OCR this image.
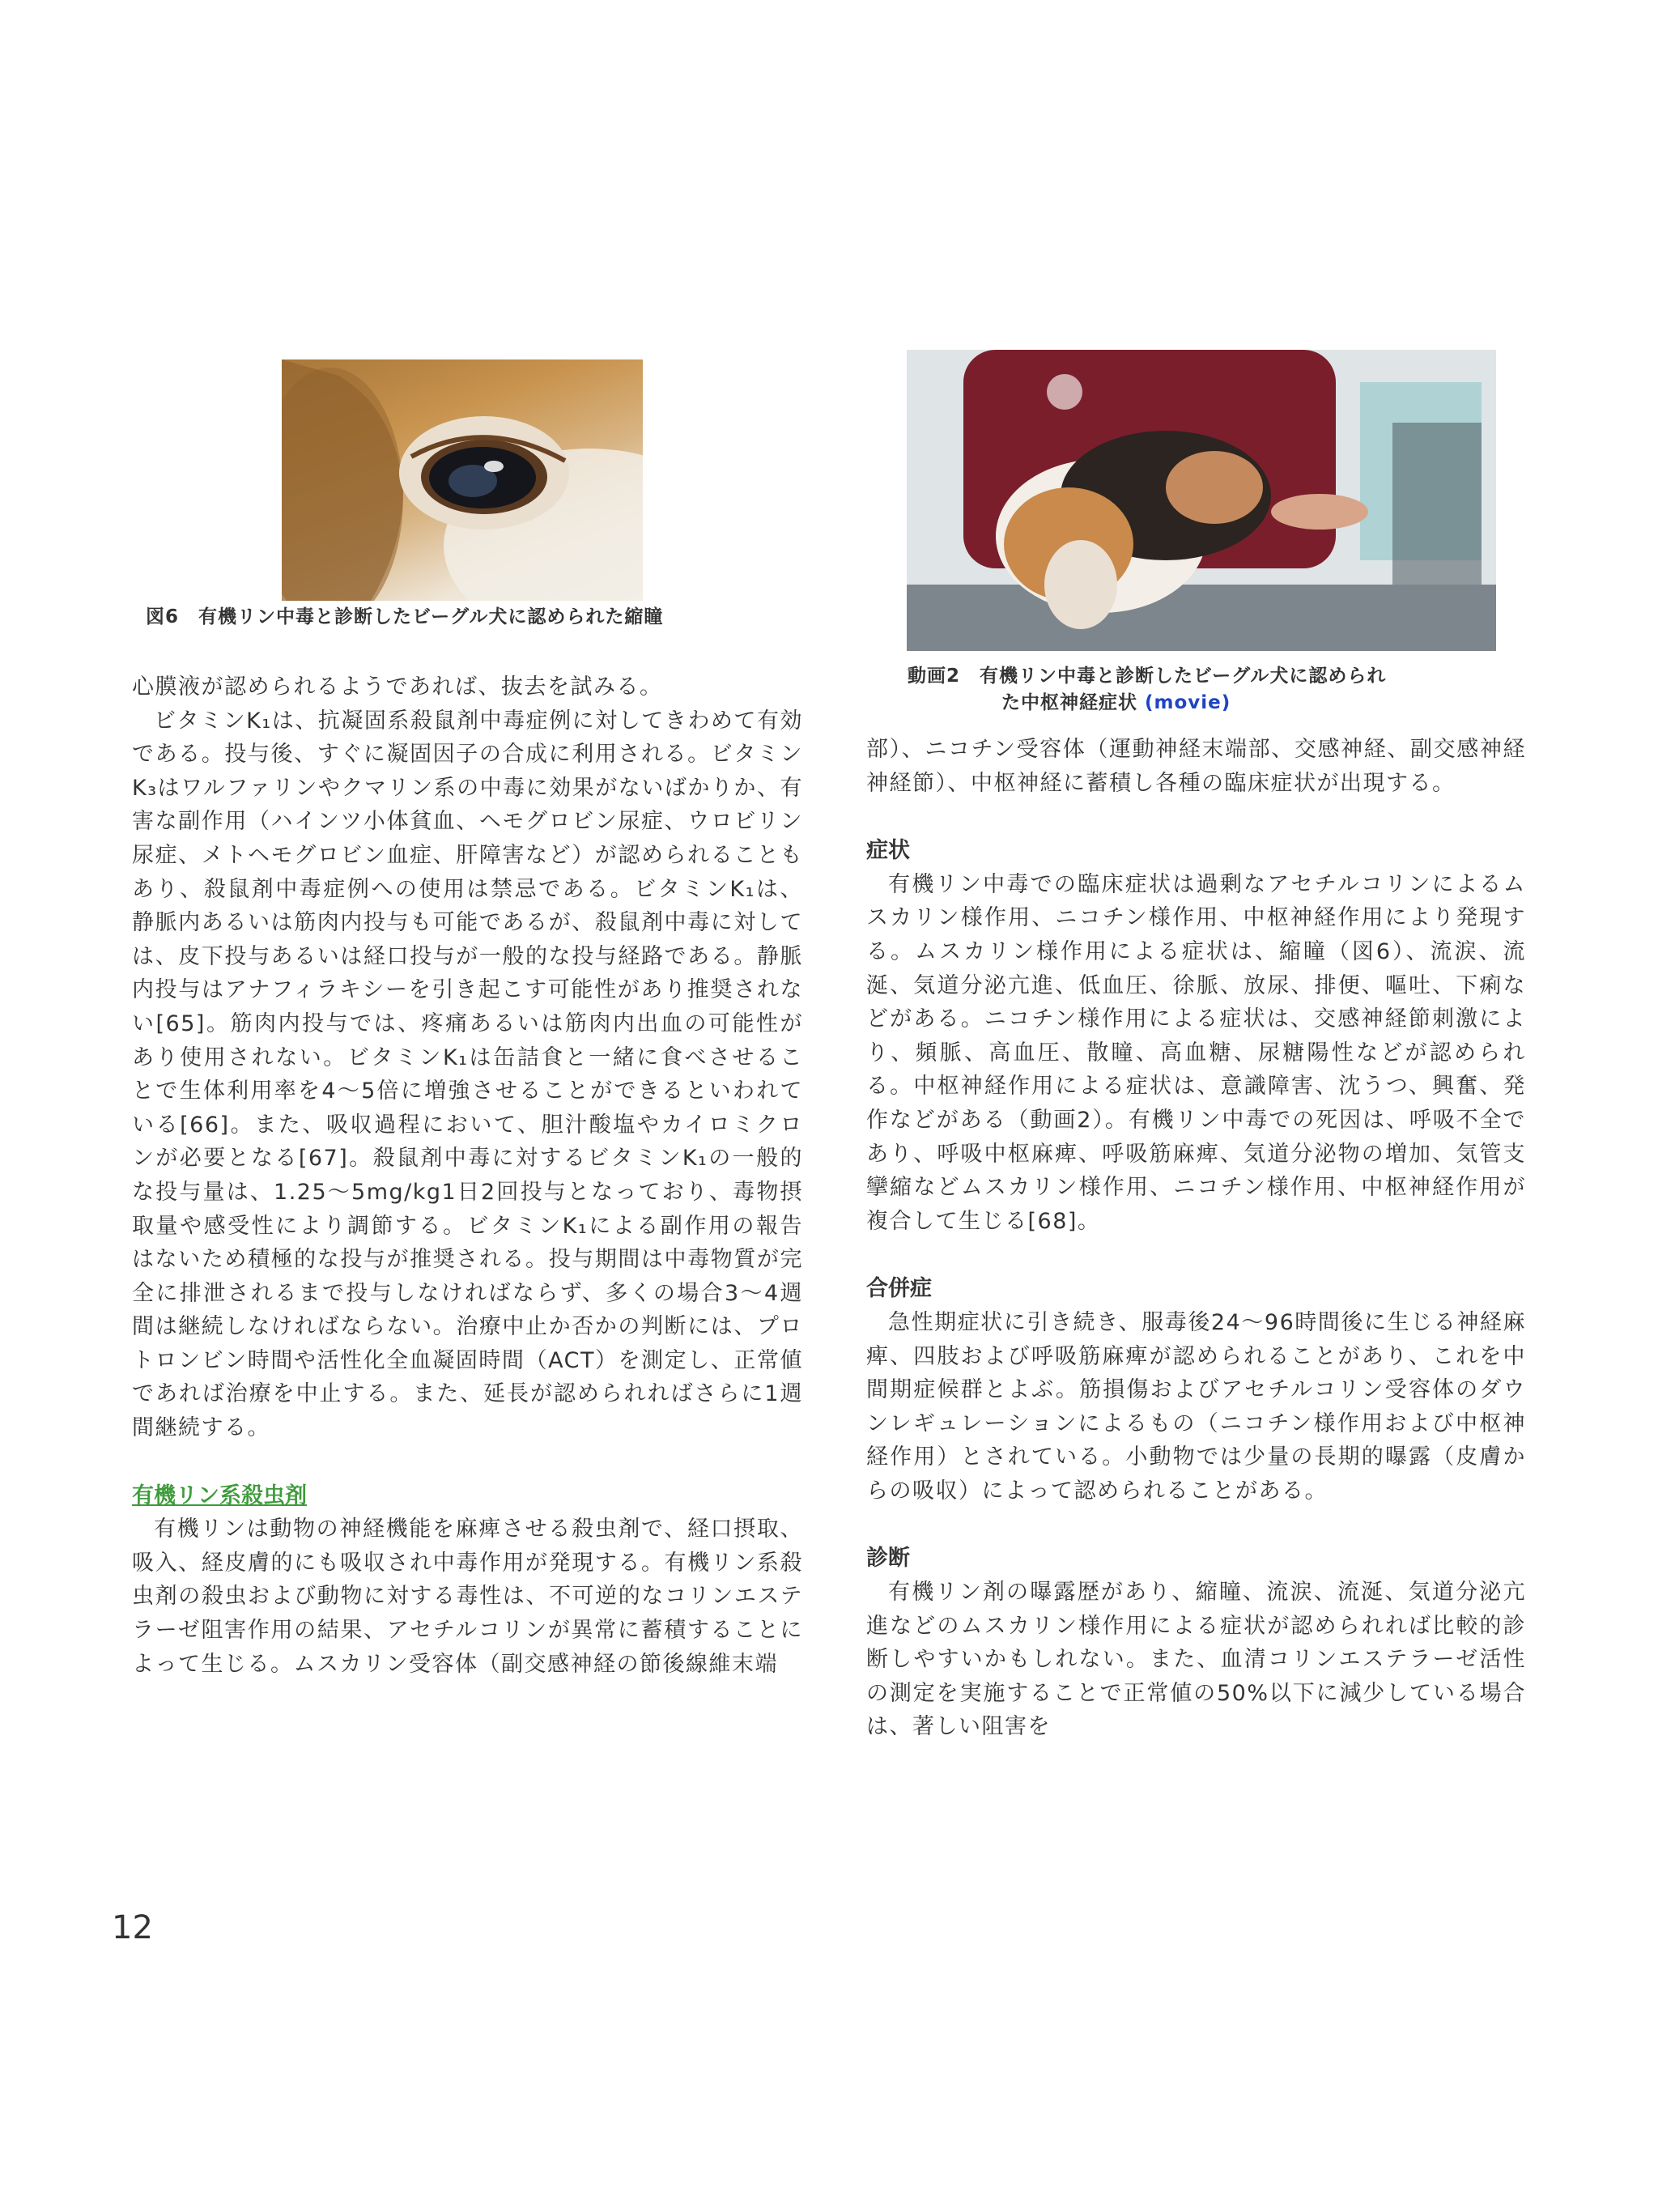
図6　有機リン中毒と診断したビーグル犬に認められた縮瞳
動画2　有機リン中毒と診断したビーグル犬に認められ
た中枢神経症状 (movie)

心膜液が認められるようであれば、抜去を試みる。

ビタミンK₁は、抗凝固系殺鼠剤中毒症例に対してきわめて有効である。投与後、すぐに凝固因子の合成に利用される。ビタミンK₃はワルファリンやクマリン系の中毒に効果がないばかりか、有害な副作用（ハインツ小体貧血、ヘモグロビン尿症、ウロビリン尿症、メトヘモグロビン血症、肝障害など）が認められることもあり、殺鼠剤中毒症例への使用は禁忌である。ビタミンK₁は、静脈内あるいは筋肉内投与も可能であるが、殺鼠剤中毒に対しては、皮下投与あるいは経口投与が一般的な投与経路である。静脈内投与はアナフィラキシーを引き起こす可能性があり推奨されない[65]。筋肉内投与では、疼痛あるいは筋肉内出血の可能性があり使用されない。ビタミンK₁は缶詰食と一緒に食べさせることで生体利用率を4～5倍に増強させることができるといわれている[66]。また、吸収過程において、胆汁酸塩やカイロミクロンが必要となる[67]。殺鼠剤中毒に対するビタミンK₁の一般的な投与量は、1.25～5mg/kg1日2回投与となっており、毒物摂取量や感受性により調節する。ビタミンK₁による副作用の報告はないため積極的な投与が推奨される。投与期間は中毒物質が完全に排泄されるまで投与しなければならず、多くの場合3～4週間は継続しなければならない。治療中止か否かの判断には、プロトロンビン時間や活性化全血凝固時間（ACT）を測定し、正常値であれば治療を中止する。また、延長が認められればさらに1週間継続する。

有機リン系殺虫剤

有機リンは動物の神経機能を麻痺させる殺虫剤で、経口摂取、吸入、経皮膚的にも吸収され中毒作用が発現する。有機リン系殺虫剤の殺虫および動物に対する毒性は、不可逆的なコリンエステラーゼ阻害作用の結果、アセチルコリンが異常に蓄積することによって生じる。ムスカリン受容体（副交感神経の節後線維末端

部）、ニコチン受容体（運動神経末端部、交感神経、副交感神経神経節）、中枢神経に蓄積し各種の臨床症状が出現する。

症状

有機リン中毒での臨床症状は過剰なアセチルコリンによるムスカリン様作用、ニコチン様作用、中枢神経作用により発現する。ムスカリン様作用による症状は、縮瞳（図6）、流涙、流涎、気道分泌亢進、低血圧、徐脈、放尿、排便、嘔吐、下痢などがある。ニコチン様作用による症状は、交感神経節刺激により、頻脈、高血圧、散瞳、高血糖、尿糖陽性などが認められる。中枢神経作用による症状は、意識障害、沈うつ、興奮、発作などがある（動画2）。有機リン中毒での死因は、呼吸不全であり、呼吸中枢麻痺、呼吸筋麻痺、気道分泌物の増加、気管支攣縮などムスカリン様作用、ニコチン様作用、中枢神経作用が複合して生じる[68]。

合併症

急性期症状に引き続き、服毒後24～96時間後に生じる神経麻痺、四肢および呼吸筋麻痺が認められることがあり、これを中間期症候群とよぶ。筋損傷およびアセチルコリン受容体のダウンレギュレーションによるもの（ニコチン様作用および中枢神経作用）とされている。小動物では少量の長期的曝露（皮膚からの吸収）によって認められることがある。

診断

有機リン剤の曝露歴があり、縮瞳、流涙、流涎、気道分泌亢進などのムスカリン様作用による症状が認められれば比較的診断しやすいかもしれない。また、血清コリンエステラーゼ活性の測定を実施することで正常値の50%以下に減少している場合は、著しい阻害を

12
